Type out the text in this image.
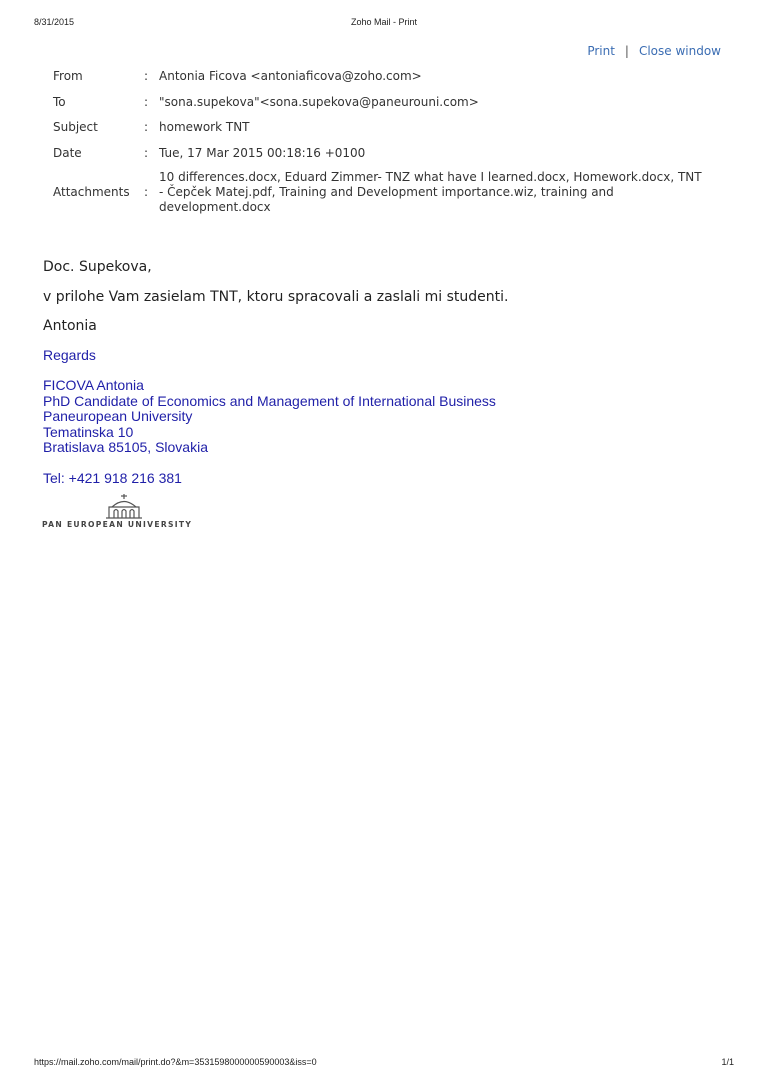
8/31/2015	Zoho Mail - Print
Print | Close window
From	:	Antonia Ficova <antoniaficova@zoho.com>
To	:	"sona.supekova"<sona.supekova@paneurouni.com>
Subject	:	homework TNT
Date	:	Tue, 17 Mar 2015 00:18:16 +0100
Attachments	:	10 differences.docx, Eduard Zimmer- TNZ what have I learned.docx, Homework.docx, TNT
- Čepček Matej.pdf, Training and Development importance.wiz, training and
development.docx
Doc. Supekova,
v prilohe Vam zasielam TNT, ktoru spracovali a zaslali mi studenti.
Antonia
Regards
FICOVA Antonia
PhD Candidate of Economics and Management of International Business
Paneuropean University
Tematinska 10
Bratislava 85105, Slovakia
Tel: +421 918 216 381
PAN EUROPEAN UNIVERSITY
https://mail.zoho.com/mail/print.do?&m=3531598000000590003&iss=0	1/1
